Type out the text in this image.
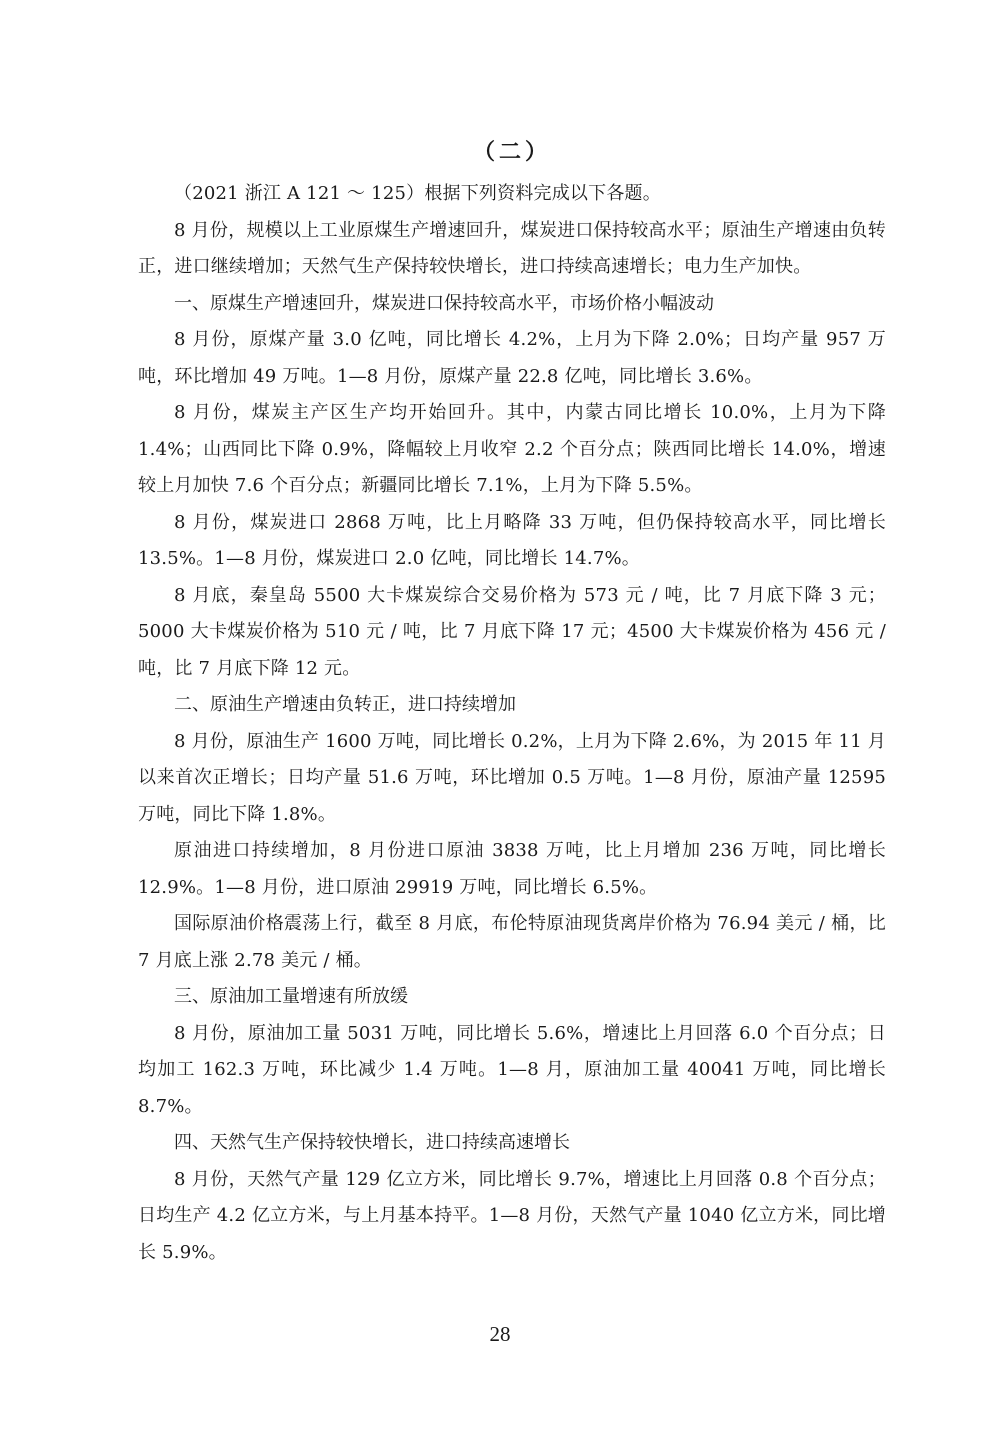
（二）

（2021 浙江 A 121 ～ 125）根据下列资料完成以下各题。

8 月份，规模以上工业原煤生产增速回升，煤炭进口保持较高水平；原油生产增速由负转正，进口继续增加；天然气生产保持较快增长，进口持续高速增长；电力生产加快。

一、原煤生产增速回升，煤炭进口保持较高水平，市场价格小幅波动

8 月份，原煤产量 3.0 亿吨，同比增长 4.2%，上月为下降 2.0%；日均产量 957 万吨，环比增加 49 万吨。1—8 月份，原煤产量 22.8 亿吨，同比增长 3.6%。

8 月份，煤炭主产区生产均开始回升。其中，内蒙古同比增长 10.0%，上月为下降 1.4%；山西同比下降 0.9%，降幅较上月收窄 2.2 个百分点；陕西同比增长 14.0%，增速较上月加快 7.6 个百分点；新疆同比增长 7.1%，上月为下降 5.5%。

8 月份，煤炭进口 2868 万吨，比上月略降 33 万吨，但仍保持较高水平，同比增长 13.5%。1—8 月份，煤炭进口 2.0 亿吨，同比增长 14.7%。

8 月底，秦皇岛 5500 大卡煤炭综合交易价格为 573 元 / 吨，比 7 月底下降 3 元；5000 大卡煤炭价格为 510 元 / 吨，比 7 月底下降 17 元；4500 大卡煤炭价格为 456 元 / 吨，比 7 月底下降 12 元。

二、原油生产增速由负转正，进口持续增加

8 月份，原油生产 1600 万吨，同比增长 0.2%，上月为下降 2.6%，为 2015 年 11 月以来首次正增长；日均产量 51.6 万吨，环比增加 0.5 万吨。1—8 月份，原油产量 12595 万吨，同比下降 1.8%。

原油进口持续增加，8 月份进口原油 3838 万吨，比上月增加 236 万吨，同比增长 12.9%。1—8 月份，进口原油 29919 万吨，同比增长 6.5%。

国际原油价格震荡上行，截至 8 月底，布伦特原油现货离岸价格为 76.94 美元 / 桶，比 7 月底上涨 2.78 美元 / 桶。

三、原油加工量增速有所放缓

8 月份，原油加工量 5031 万吨，同比增长 5.6%，增速比上月回落 6.0 个百分点；日均加工 162.3 万吨，环比减少 1.4 万吨。1—8 月，原油加工量 40041 万吨，同比增长 8.7%。

四、天然气生产保持较快增长，进口持续高速增长

8 月份，天然气产量 129 亿立方米，同比增长 9.7%，增速比上月回落 0.8 个百分点；日均生产 4.2 亿立方米，与上月基本持平。1—8 月份，天然气产量 1040 亿立方米，同比增长 5.9%。

28
